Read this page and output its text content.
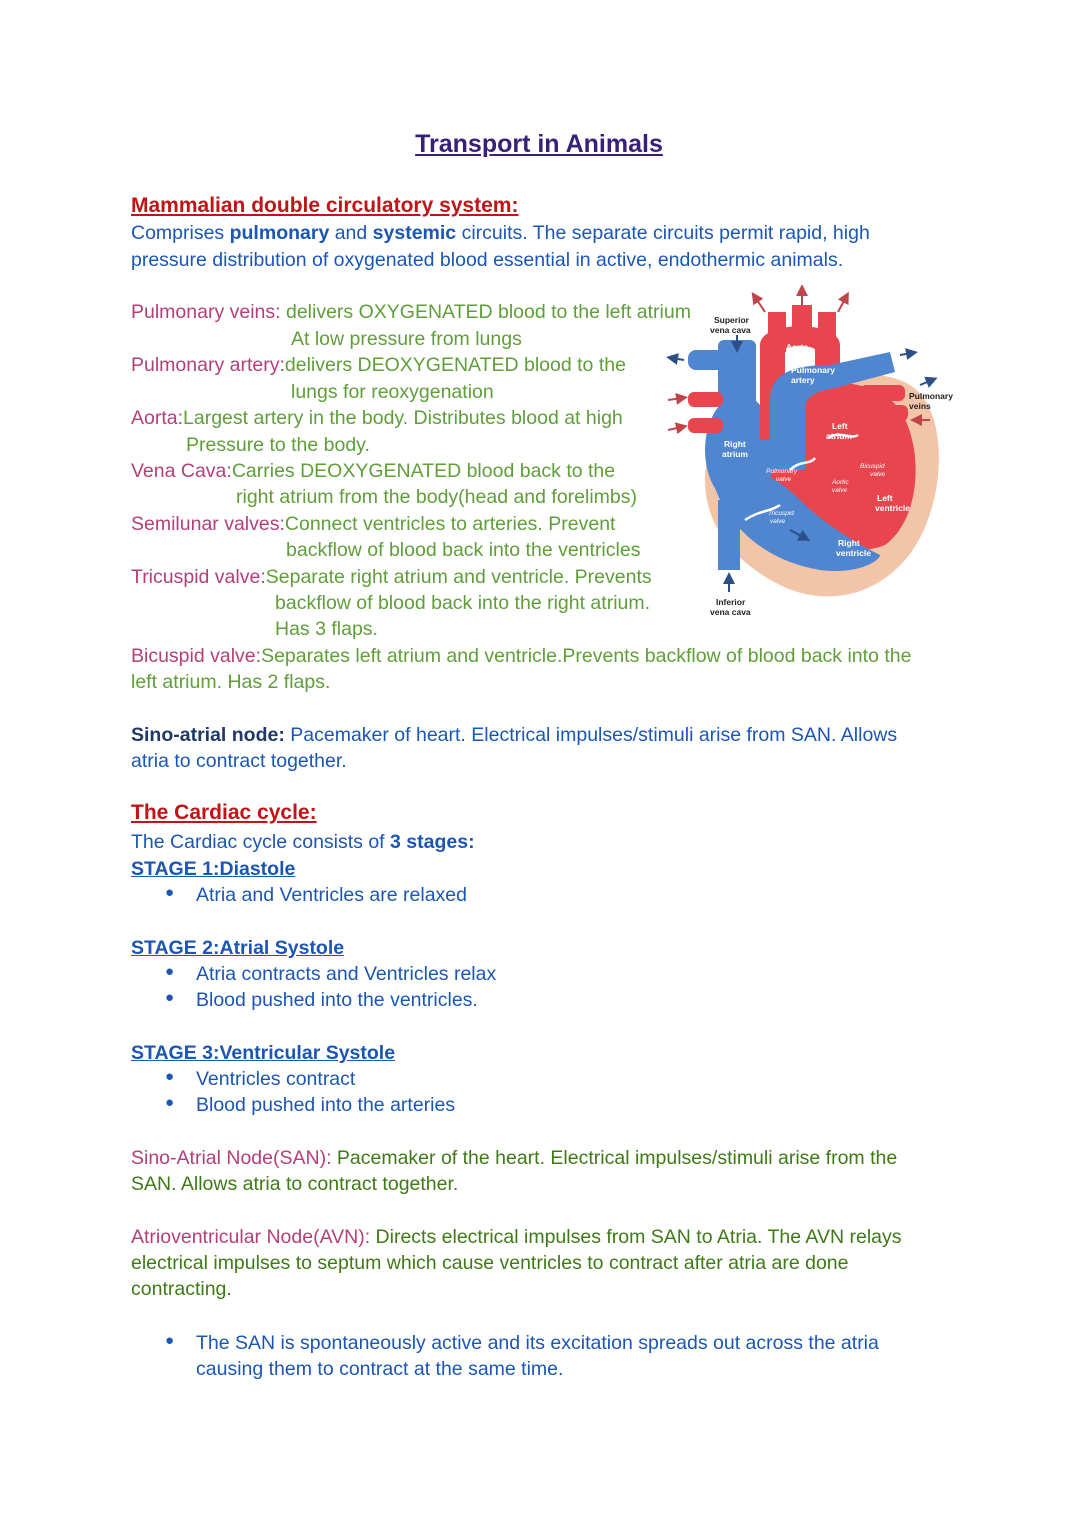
Transport in Animals
Mammalian double circulatory system:
Comprises pulmonary and systemic circuits. The separate circuits permit rapid, high
pressure distribution of oxygenated blood essential in active, endothermic animals.
Pulmonary veins: delivers OXYGENATED blood to the left atrium
At low pressure from lungs
Pulmonary artery:delivers DEOXYGENATED blood to the
lungs for reoxygenation
Aorta:Largest artery in the body. Distributes blood at high
Pressure to the body.
Vena Cava:Carries DEOXYGENATED blood back to the
right atrium from the body(head and forelimbs)
Semilunar valves:Connect ventricles to arteries. Prevent
backflow of blood back into the ventricles
Tricuspid valve:Separate right atrium and ventricle. Prevents
backflow of blood back into the right atrium.
Has 3 flaps.
Bicuspid valve:Separates left atrium and ventricle.Prevents backflow of blood back into the
left atrium. Has 2 flaps.
Sino-atrial node: Pacemaker of heart. Electrical impulses/stimuli arise from SAN. Allows
atria to contract together.
The Cardiac cycle:
The Cardiac cycle consists of 3 stages:
STAGE 1:Diastole
● Atria and Ventricles are relaxed
STAGE 2:Atrial Systole
● Atria contracts and Ventricles relax
● Blood pushed into the ventricles.
STAGE 3:Ventricular Systole
● Ventricles contract
● Blood pushed into the arteries
Sino-Atrial Node(SAN): Pacemaker of the heart. Electrical impulses/stimuli arise from the
SAN. Allows atria to contract together.
Atrioventricular Node(AVN): Directs electrical impulses from SAN to Atria. The AVN relays
electrical impulses to septum which cause ventricles to contract after atria are done
contracting.
● The SAN is spontaneously active and its excitation spreads out across the atria
causing them to contract at the same time.
Superior
vena cava
Aorta
Pulmonary
artery
Pulmonary
veins
Left
atrium
Right
atrium
Left
ventricle
Right
ventricle
Inferior
vena cava
Pulmonary
valve
Bicuspid
valve
Aortic
valve
Tricuspid
valve
